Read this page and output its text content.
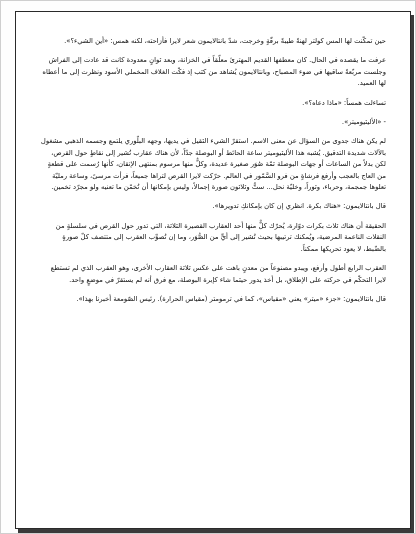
حين تمكّنت لها المس كولتر لهنةً طيبةً برقّةٍ وخرجت، شدّ بانتالايمون شعر لايرا فأزاحته، لكنه همس: «أين الشيء؟».

عرفت ما يقصده في الحال. كان معطفها القديم المهترئ معلّقاً في الخزانة، وبعد ثوانٍ معدودة كانت قد عادت إلى الفراش وجلست مربّعةً ساقيها في ضوء المصباح، وبانتالايمون يُشاهد من كثب إذ فكّت الغلاف المخملي الأسود ونظرت إلى ما أعطاه لها العميد.

تساءلت همساً: «ماذا دعاه؟».

- «الأليثيوميتر».

لم يكن هناك جدوى من السؤال عن معنى الاسم. استقرّ الشيء الثقيل في يديها، وجهه البلّوري يلتمع وجسمه الذهبي مشغول بالآلات شديدة التدقيق. يُشبه هذا الأليثيوميتر ساعة الحائط أو البوصلة جدّاً، لأن هناك عقارب تُشير إلى نقاطٍ حول القرص، لكن بدلاً من الساعات أو جهات البوصلة ثمّة صُوَر صغيرة عديدة، وكلٌّ منها مرسوم بمنتهى الإتقان، كأنها رُسمت على قطعةٍ من العاج بالعجب وأرفع فرشاةٍ من فرو السَّمّور في العالم. حرّكت لايرا القرص لتراها جميعاً، فرأت مرسىً، وساعة رمليّة تعلوها جمجمة، وحرباء، وثوراً، وخليّة نحل... ستٌّ وثلاثون صورة إجمالاً، وليس بإمكانها أن تُخمّن ما تعنيه ولو مجرّد تخمين.

قال بانتالايمون: «هناك بكرة. انظري إن كان بإمكانكِ تدويرها».

الحقيقة أن هناك ثلاث بكرات دوّارة، يُحرّك كلٌّ منها أحد العقارب القصيرة الثلاثة، التي تدور حول القرص في سلسلةٍ من النقلات الناعمة المرضية، ويُمكنك ترتيبها بحيث تُشير إلى أيٍّ من الصُّوَر، وما إن تُصوِّب العقرب إلى متتصف كلّ صورةٍ بالضّبط، لا يعود تحريكها ممكناً.

العقرب الرابع أطول وأرفع، ويبدو مصنوعاً من معدنٍ باهت على عكس ثلاثة العقارب الأخرى، وهو العقرب الذي لم تستطع لايرا التحكّم في حركته على الإطلاق، بل أخذ يدور حيثما شاء كإبرة البوصلة، مع فرق أنه لم يستقرّ في موضعٍ واحد.

قال بانتالايمون: «جزء «ميتر» يعني «مقياس»، كما في ترمومتر (مقياس الحرارة). رئيس الصّومعة أخبرنا بهذا».
